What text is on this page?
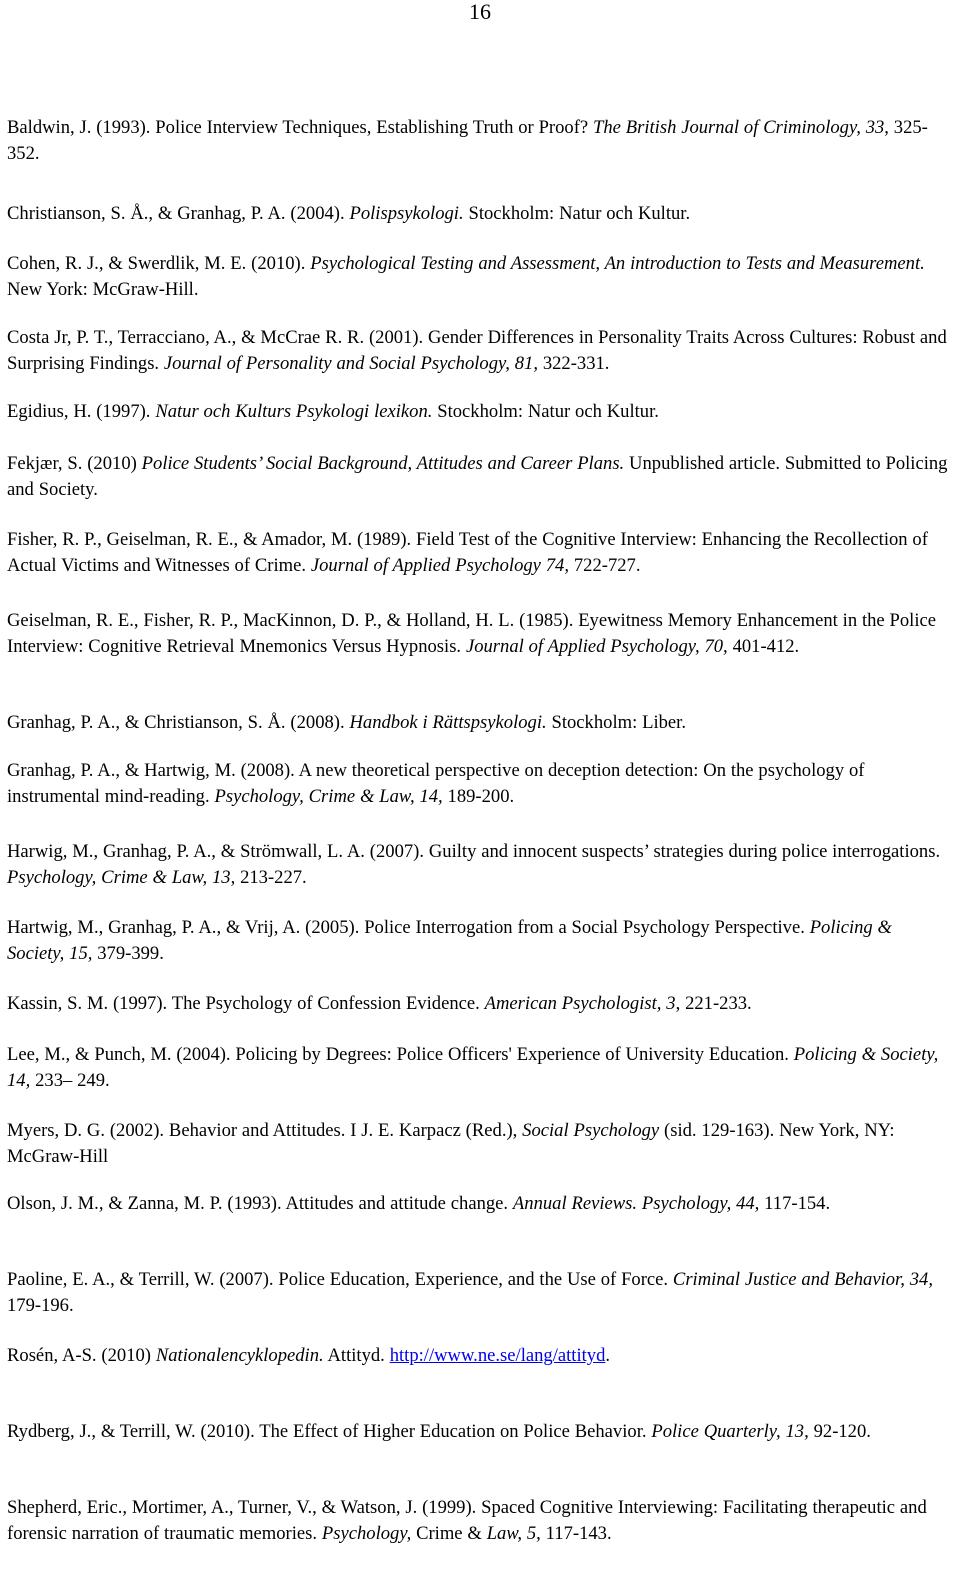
16

Baldwin, J. (1993). Police Interview Techniques, Establishing Truth or Proof? The British Journal of Criminology, 33, 325-352.

Christianson, S. Å., & Granhag, P. A. (2004). Polispsykologi. Stockholm: Natur och Kultur.

Cohen, R. J., & Swerdlik, M. E. (2010). Psychological Testing and Assessment, An introduction to Tests and Measurement. New York: McGraw-Hill.

Costa Jr, P. T., Terracciano, A., & McCrae R. R. (2001). Gender Differences in Personality Traits Across Cultures: Robust and Surprising Findings. Journal of Personality and Social Psychology, 81, 322-331.

Egidius, H. (1997). Natur och Kulturs Psykologi lexikon. Stockholm: Natur och Kultur.

Fekjær, S. (2010) Police Students’ Social Background, Attitudes and Career Plans. Unpublished article. Submitted to Policing and Society.

Fisher, R. P., Geiselman, R. E., & Amador, M. (1989). Field Test of the Cognitive Interview: Enhancing the Recollection of Actual Victims and Witnesses of Crime. Journal of Applied Psychology 74, 722-727.

Geiselman, R. E., Fisher, R. P., MacKinnon, D. P., & Holland, H. L. (1985). Eyewitness Memory Enhancement in the Police Interview: Cognitive Retrieval Mnemonics Versus Hypnosis. Journal of Applied Psychology, 70, 401-412.

Granhag, P. A., & Christianson, S. Å. (2008). Handbok i Rättspsykologi. Stockholm: Liber.

Granhag, P. A., & Hartwig, M. (2008). A new theoretical perspective on deception detection: On the psychology of instrumental mind-reading. Psychology, Crime & Law, 14, 189-200.

Harwig, M., Granhag, P. A., & Strömwall, L. A. (2007). Guilty and innocent suspects’ strategies during police interrogations. Psychology, Crime & Law, 13, 213-227.

Hartwig, M., Granhag, P. A., & Vrij, A. (2005). Police Interrogation from a Social Psychology Perspective. Policing & Society, 15, 379-399.

Kassin, S. M. (1997). The Psychology of Confession Evidence. American Psychologist, 3, 221-233.

Lee, M., & Punch, M. (2004). Policing by Degrees: Police Officers' Experience of University Education. Policing & Society, 14, 233– 249.

Myers, D. G. (2002). Behavior and Attitudes. I J. E. Karpacz (Red.), Social Psychology (sid. 129-163). New York, NY: McGraw-Hill

Olson, J. M., & Zanna, M. P. (1993). Attitudes and attitude change. Annual Reviews. Psychology, 44, 117-154.

Paoline, E. A., & Terrill, W. (2007). Police Education, Experience, and the Use of Force. Criminal Justice and Behavior, 34, 179-196.

Rosén, A-S. (2010) Nationalencyklopedin. Attityd. http://www.ne.se/lang/attityd.

Rydberg, J., & Terrill, W. (2010). The Effect of Higher Education on Police Behavior. Police Quarterly, 13, 92-120.

Shepherd, Eric., Mortimer, A., Turner, V., & Watson, J. (1999). Spaced Cognitive Interviewing: Facilitating therapeutic and forensic narration of traumatic memories. Psychology, Crime & Law, 5, 117-143.
